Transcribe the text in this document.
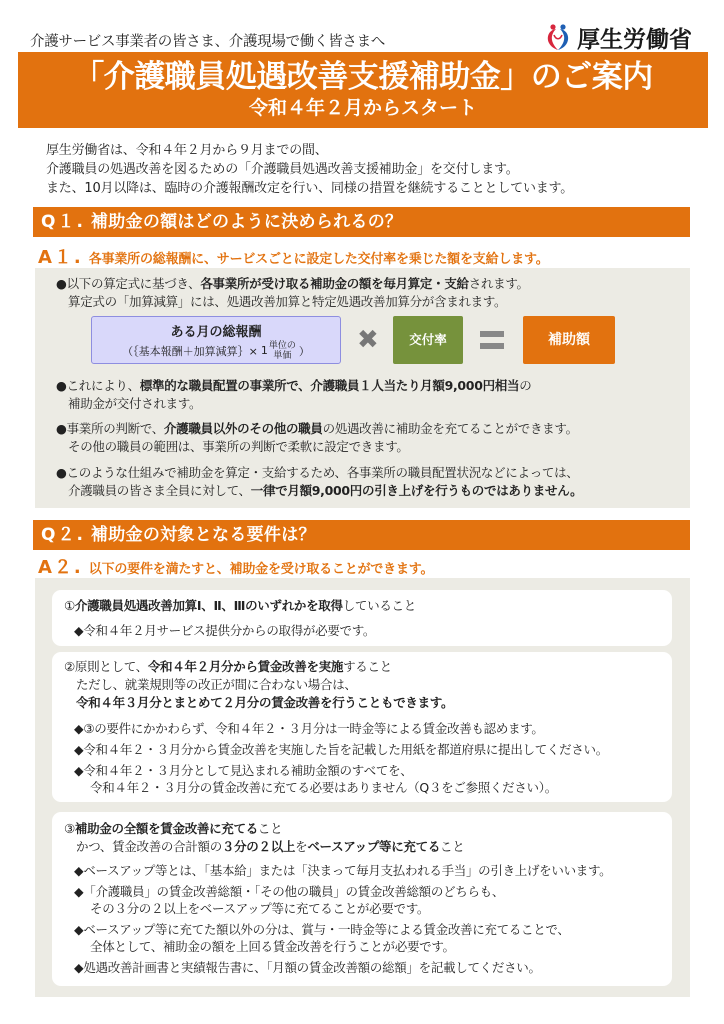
介護サービス事業者の皆さま、介護現場で働く皆さまへ	厚生労働省
「介護職員処遇改善支援補助金」のご案内
令和４年２月からスタート
厚生労働省は、令和４年２月から９月までの間、
介護職員の処遇改善を図るための「介護職員処遇改善支援補助金」を交付します。
また、10月以降は、臨時の介護報酬改定を行い、同様の措置を継続することとしています。
Q１. 補助金の額はどのように決められるの？
A１. 各事業所の総報酬に、サービスごとに設定した交付率を乗じた額を支給します。
●以下の算定式に基づき、各事業所が受け取る補助金の額を毎月算定・支給されます。
算定式の「加算減算」には、処遇改善加算と特定処遇改善加算分が含まれます。
ある月の総報酬
（｛基本報酬＋加算減算｝× 1 単位の
単価 ） ✖	交付率	補助額
●これにより、標準的な職員配置の事業所で、介護職員１人当たり月額9,000円相当の
補助金が交付されます。
●事業所の判断で、介護職員以外のその他の職員の処遇改善に補助金を充てることができます。
その他の職員の範囲は、事業所の判断で柔軟に設定できます。
●このような仕組みで補助金を算定・支給するため、各事業所の職員配置状況などによっては、
介護職員の皆さま全員に対して、一律で月額9,000円の引き上げを行うものではありません。
Q２. 補助金の対象となる要件は？
A２. 以下の要件を満たすと、補助金を受け取ることができます。
①介護職員処遇改善加算Ⅰ、Ⅱ、Ⅲのいずれかを取得していること
◆令和４年２月サービス提供分からの取得が必要です。
②原則として、令和４年２月分から賃金改善を実施すること
ただし、就業規則等の改正が間に合わない場合は、
令和４年３月分とまとめて２月分の賃金改善を行うこともできます。
◆③の要件にかかわらず、令和４年２・３月分は一時金等による賃金改善も認めます。
◆令和４年２・３月分から賃金改善を実施した旨を記載した用紙を都道府県に提出してください。
◆令和４年２・３月分として見込まれる補助金額のすべてを、
令和４年２・３月分の賃金改善に充てる必要はありません（Q３をご参照ください）。
③補助金の全額を賃金改善に充てること
かつ、賃金改善の合計額の３分の２以上をベースアップ等に充てること
◆ベースアップ等とは、「基本給」または「決まって毎月支払われる手当」の引き上げをいいます。
◆「介護職員」の賃金改善総額・「その他の職員」の賃金改善総額のどちらも、
その３分の２以上をベースアップ等に充てることが必要です。
◆ベースアップ等に充てた額以外の分は、賞与・一時金等による賃金改善に充てることで、
全体として、補助金の額を上回る賃金改善を行うことが必要です。
◆処遇改善計画書と実績報告書に、「月額の賃金改善額の総額」を記載してください。
